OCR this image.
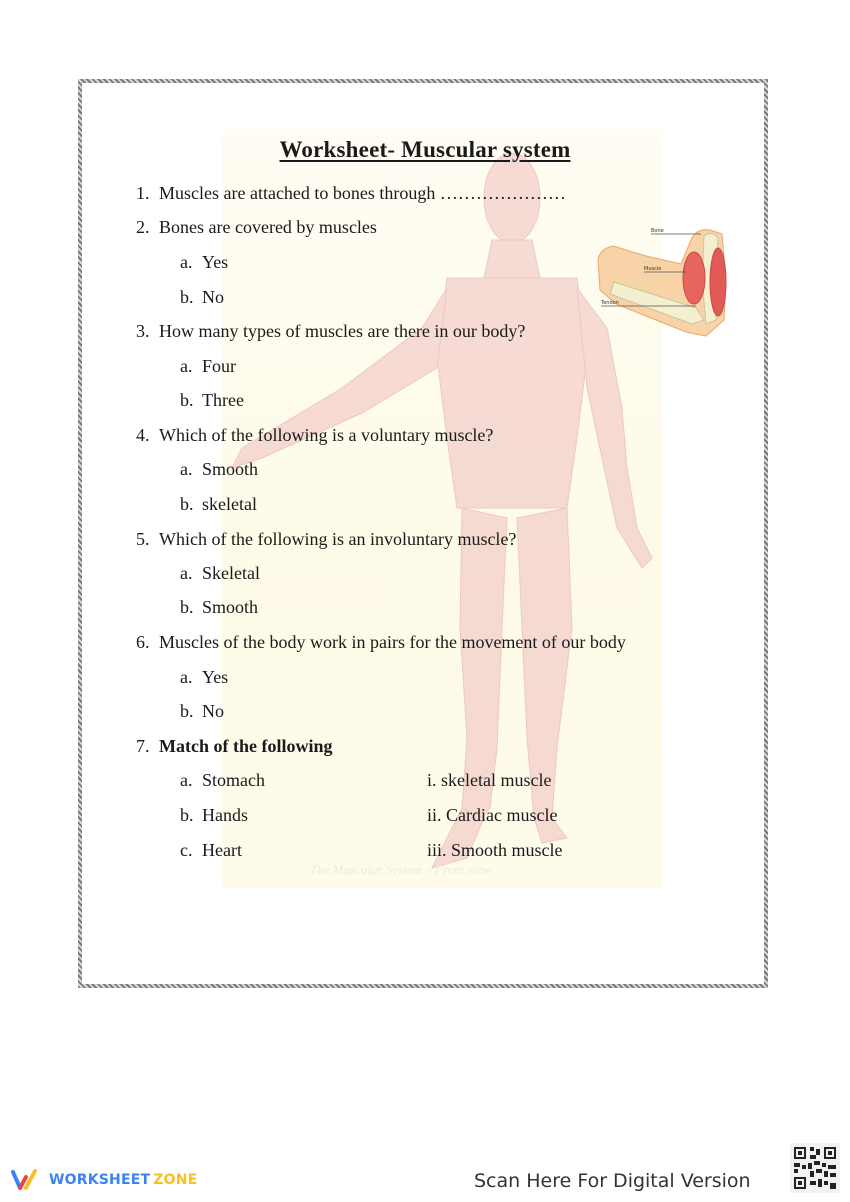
The Muscular System – Front view
Worksheet- Muscular system
Bone
Muscle
Tendon
1. Muscles are attached to bones through …………………
2. Bones are covered by muscles
a. Yes
b. No
3. How many types of muscles are there in our body?
a. Four
b. Three
4. Which of the following is a voluntary muscle?
a. Smooth
b. skeletal
5. Which of the following is an involuntary muscle?
a. Skeletal
b. Smooth
6. Muscles of the body work in pairs for the movement of our body
a. Yes
b. No
7. Match of the following
a. Stomach	i. skeletal muscle
b. Hands	ii. Cardiac muscle
c. Heart	iii. Smooth muscle
WORKSHEET ZONE	Scan Here For Digital Version
